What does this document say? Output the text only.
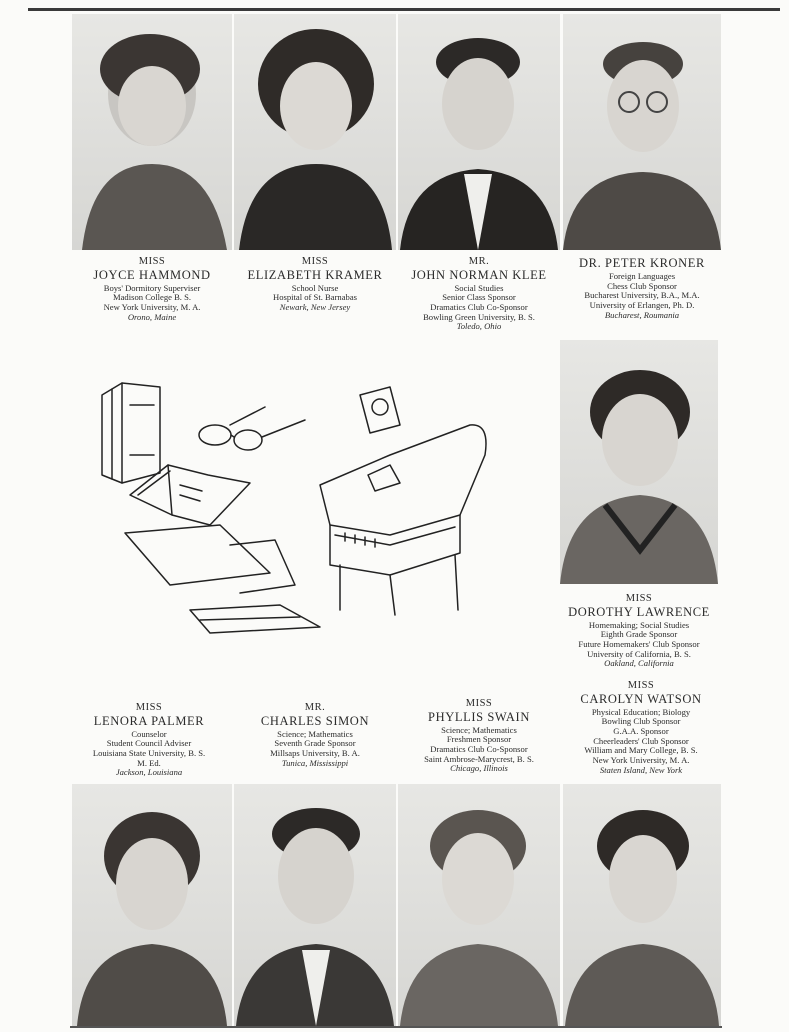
MISS
JOYCE HAMMOND
Boys' Dormitory Superviser
Madison College B. S.
New York University, M. A.
Orono, Maine
MISS
ELIZABETH KRAMER
School Nurse
Hospital of St. Barnabas
Newark, New Jersey
MR.
JOHN NORMAN KLEE
Social Studies
Senior Class Sponsor
Dramatics Club Co-Sponsor
Bowling Green University, B. S.
Toledo, Ohio
DR. PETER KRONER
Foreign Languages
Chess Club Sponsor
Bucharest University, B.A., M.A.
University of Erlangen, Ph. D.
Bucharest, Roumania
MISS
DOROTHY LAWRENCE
Homemaking; Social Studies
Eighth Grade Sponsor
Future Homemakers' Club Sponsor
University of California, B. S.
Oakland, California
MISS
LENORA PALMER
Counselor
Student Council Adviser
Louisiana State University, B. S.
M. Ed.
Jackson, Louisiana
MR.
CHARLES SIMON
Science; Mathematics
Seventh Grade Sponsor
Millsaps University, B. A.
Tunica, Mississippi
MISS
PHYLLIS SWAIN
Science; Mathematics
Freshmen Sponsor
Dramatics Club Co-Sponsor
Saint Ambrose-Marycrest, B. S.
Chicago, Illinois
MISS
CAROLYN WATSON
Physical Education; Biology
Bowling Club Sponsor
G.A.A. Sponsor
Cheerleaders' Club Sponsor
William and Mary College, B. S.
New York University, M. A.
Staten Island, New York
